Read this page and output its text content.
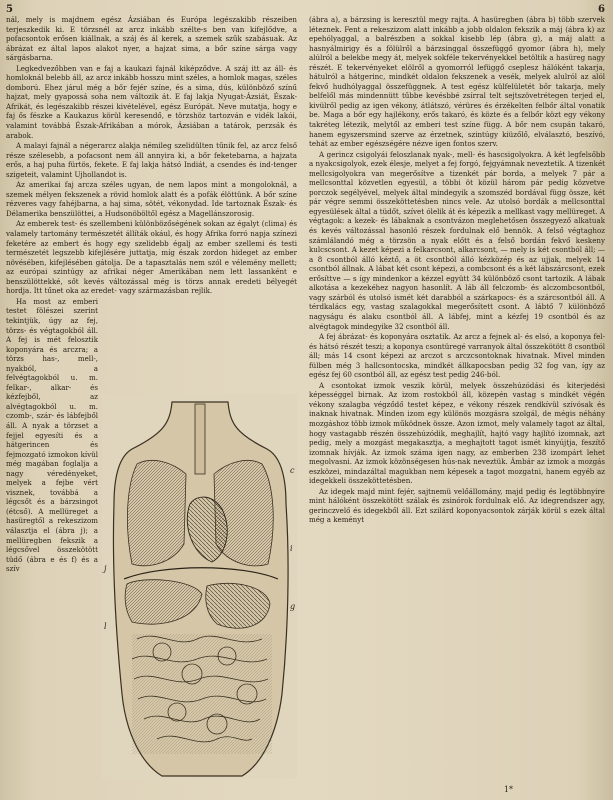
5	6

nál, mely is majdnem egész Ázsiában és Európa legészakibb részeiben terjeszkedik ki. E törzsnél az arcz inkább szélte-s ben van kifejlődve, a pofacsontok erősen kiállnak, a száj és ál kerek, a szemek szűk szabásuak. Az ábrázat ez által lapos alakot nyer, a hajzat sima, a bőr színe sárga vagy sárgásbarna.

Legkedvezőbben van e faj a kaukazi fajnál kiképződve. A száj itt az áll- és homloknál belebb áll, az arcz inkább hosszu mint széles, a homlok magas, széles domború. Ehez járul még a bőr fejér színe, és a sima, dús, különböző színű hajzat, mely gyapossá soha nem változik át. E faj lakja Nyugat-Ázsiát, Észak-Afrikát, és legészakibb részei kivételével, egész Európát. Neve mutatja, hogy e faj ős fészke a Kaukazus körül keresendő, e törzshöz tartozván e vidék lakói, valamint továbbá Észak-Afrikában a mórok, Ázsiában a tatárok, perzsák és arabok.

A malayi fajnál a négerarcz alakja némileg szelidülten tűnik fel, az arcz felső része szélesebb, a pofacsont nem áll annyira ki, a bőr feketebarna, a hajzata erős, a haj puha fürtös, fekete. E faj lakja hátsó Indiát, a csendes és ind-tenger szigeteit, valamint Ujhollandot is.

Az amerikai faj arcza széles ugyan, de nem lapos mint a mongoloknál, a szemek mélyen fekszenek a rövid homlok alatt és a pofák élöttünk. A bőr színe rézveres vagy fahéjbarna, a haj sima, sötét, vékonydad. Ide tartoznak Észak- és Délamerika benszülöttei, a Hudsonöböltől egész a Magellánszorosig.

Az emberek test- és szellembeni különbözőségének sokan az égalyt (clima) és valamely tartomány természetét állíták okául, és hogy Afrika forró napja színezi feketére az embert és hogy egy szelidebb égalj az ember szellemi és testi természetét legszebb kifejlésére juttatja, míg észak zordon hideget az ember növésében, kifejlésében gátolja. De a tapasztalás nem szól e vélemény mellett; az európai szintúgy az afrikai néger Amerikában nem lett lassanként e benszülöttekké, sőt kevés változással még is törzs annak eredeti bélyegét hordja. Itt tűnet oka az eredet- vagy származásban rejlik.

Ha most az emberi testet fölészei szerint tekintjük, úgy az fej, törzs- és végtagokból áll. A fej is mét felosztik koponyára és arczra; a törzs has-, mell-, nyakból, a felvégtagokból u. m. felkar-, alkar- és kézfejből, az alvégtagokból u. m. czomb-, szár- és lábfejből áll. A nyak a törzset a fejjel egyesíti és a hátgerincen és fejmozgató izmokon kívül még magában foglalja a nagy véredényeket, melyek a fejbe vért visznek, továbbá a légcsőt és a bárzsingot (étcső). A mellüreget a hasüregtől a rekeszizom választja el (ábra j); a mellüregben fekszik a légcsővel összekötött tüdő (ábra e és f) és a szív

c
i
g
j
l

(ábra a), a bárzsing is keresztül megy rajta. A hasüregben (ábra b) több szervek léteznek. Fent a rekeszizom alatt inkább a jobb oldalon fekszik a máj (ábra k) az epehólyaggal, a balrészben a sokkal kisebb lép (ábra g), a máj alatt a hasnyálmirigy és a fölülről a bárzsinggal összefüggő gyomor (ábra h), mely alúlról a belekbe megy át, melyek sokféle tekervényekkel betöltik a hasüreg nagy részét. E tekervényeket elölről a gyomorról lefüggő cseplesz hálóként takarja, hátulról a hátgerinc, mindkét oldalon fekszenek a vesék, melyek alulról az alól fekvő hudhólyaggal összefüggnek. A test egész külfelületét bőr takarja, mely belfelől más mindennütt tűbbe kevésbbé zsírral telt sejtszövetrétegen terjed el, kivülről pedig az igen vékony, átlátszó, vérüres és érzékelten felbőr által vonatik be. Maga a bőr egy hajlékony, erős takaró, és közte és a felbőr közt egy vékony takréteg létezik, melytől az emberi test színe függ. A bőr nem csupán takaró, hanem egyszersmind szerve az érzetnek, szintúgy kiüzőlő, elválasztó, beszívó, tehát az ember egészségére nézve igen fontos szerv.

A gerincz csigolyái feloszlanak nyak-, mell- és hascsigolyokra. A két legfelsőbb a nyakcsigolyok, ezek élesje, melyet a fej forgó, fejgyámnak neveztetik. A tizenkét mellcsigolyokra van megerősítve a tizenkét pár borda, a melyek 7 pár a mellcsonttal közvetlen egyesül, a többi öt közül három pár pedig közvetve porczok segélyével, melyek által mindegyik a szomszéd bordával függ össze, két pár végre semmi összeköttetésben nincs vele. Az utolsó bordák a mellcsonttal egyesülések által a tüdőt, szívet ólelik át és képezik a mellkast vagy mellüreget. A végtagok: a kezek- és lábaknak a csontvázon meglehetősen összegyező alkatuak és kevés változással hasonló részek fordulnak elő bennök. A felső végtaghoz számlálandó még a törzsön a nyak előtt és a felső bordán fekvő keskeny kulcscsont. A kezet képezi a felkarcsont, alkarcsont, — mely is két csontból áll; — a 8 csontból álló kéztő, a öt csontból álló kézközép és az ujjak, melyek 14 csontból állnak. A lábat két csont képezi, a combcsont és a két lábszárcsont, ezek erősíttve — s így mindenkor a kézzel együtt 34 különböző csont tartozik. A lábak alkotása a kezekéhez nagyon hasonlít. A láb áll felczomb- és alczombcsontból, vagy szárból és utolsó ismét két darabból a szárkapocs- és a szárcsontból áll. A térdkalács egy, vastag szalagokkal megerősített csont. A lábtő 7 különböző nagyságu és alaku csontból áll. A lábfej, mint a kézfej 19 csontból és az alvégtagok mindegyike 32 csontból áll.

A fej ábrázat- és koponyára osztatik. Az arcz a fejnek al- és elsó, a koponya fel- és hátsó részét teszi; a koponya csontüregé varranyok által összekötött 8 csontból áll; más 14 csont képezi az arczot s arczcsontoknak hivatnak. Mivel minden fülben még 3 hallcsontocska, mindkét állkapocsban pedig 32 fog van, így az egész fej 60 csontból áll, az egész test pedig 246-ból.

A csontokat izmok veszik körül, melyek összehúzódási és kiterjedési képességgel birnak. Az izom rostokból áll, közepén vastag s mindkét végén vékony szalagba végződő testet képez, e vékony részek rendkívül szívósak és inaknak hivatnak. Minden izom egy különös mozgásra szolgál, de mégis néhány mozgáshoz több izmok működnek össze. Azon izmot, mely valamely tagot az által, hogy vastagabb részén összehúzódik, meghajlít, hajtó vagy hajlító izomnak, azt pedig, mely a mozgást megakasztja, a meghajtott tagot ismét kinyújtja, feszítő izomnak hívják. Az izmok száma igen nagy, az emberben 238 izompárt lehet megolvasni. Az izmok közönségesen hús-nak neveztük. Ámbár az izmok a mozgás eszközei, mindazáltal magukban nem képesek a tagot mozgatni, hanem egyéb az idegekkeli összeköttetésben.

Az idegek majd mint fejér, sajtnemü velőállomány, majd pedig és legtöbbnyire mint hálóként összekötött szálak és zsinórok fordulnak elő. Az idegrendszer agy, gerinczvelő és idegekből áll. Ezt szilárd koponyacsontok zárják körül s ezek által még a keményt

1*
